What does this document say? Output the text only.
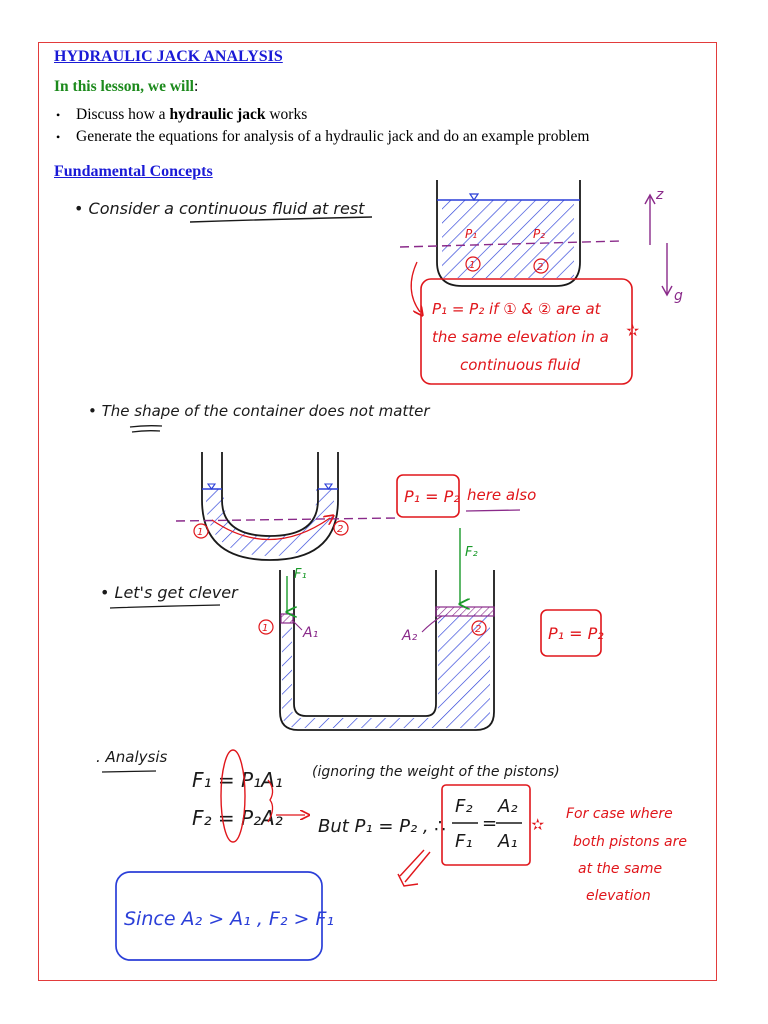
HYDRAULIC JACK ANALYSIS
In this lesson, we will:
• Discuss how a hydraulic jack works
• Generate the equations for analysis of a hydraulic jack and do an example problem
Fundamental Concepts
• Consider a continuous fluid at rest
P₁	P₂
1	2
z
g
P₁ = P₂ if ① & ② are at
the same elevation in a
continuous fluid
✫
• The shape of the container does not matter
1	2
P₁ = P₂ here also
• Let's get clever
F₁
F₂
A₁	A₂
1	2	P₁ = P₂
. Analysis
F₁ = P₁A₁ (ignoring the weight of the pistons)
F₂ = P₂A₂ But P₁ = P₂ , ∴
F₂
F₁
=
A₂
A₁
✫
For case where
both pistons are
at the same
elevation
Since A₂ > A₁ , F₂ > F₁
